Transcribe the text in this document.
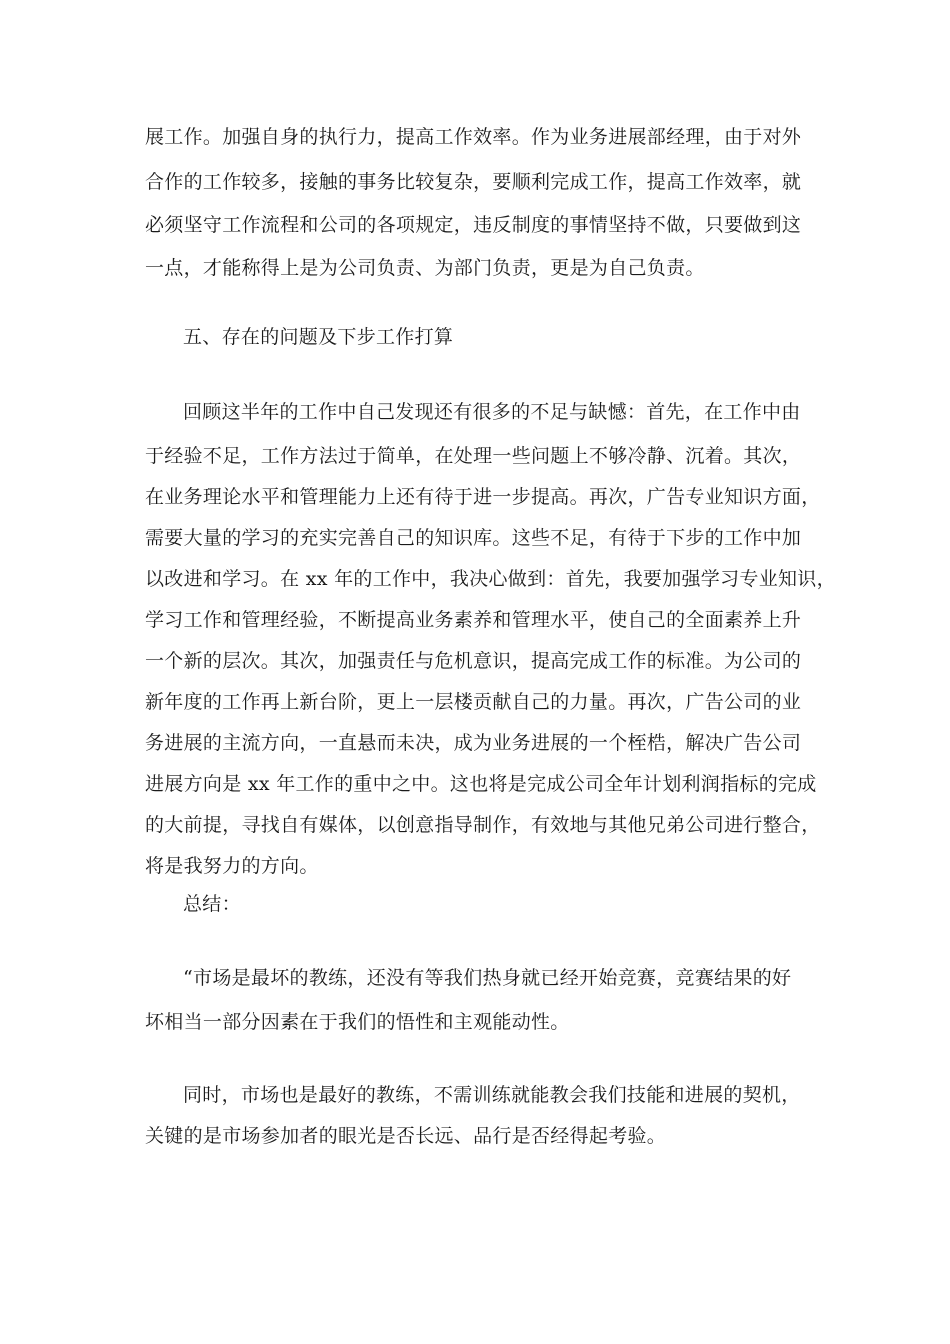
展工作。加强自身的执行力，提高工作效率。作为业务进展部经理，由于对外
合作的工作较多，接触的事务比较复杂，要顺利完成工作，提高工作效率，就
必须坚守工作流程和公司的各项规定，违反制度的事情坚持不做，只要做到这
一点，才能称得上是为公司负责、为部门负责，更是为自己负责。
五、存在的问题及下步工作打算
回顾这半年的工作中自己发现还有很多的不足与缺憾：首先，在工作中由
于经验不足，工作方法过于简单，在处理一些问题上不够冷静、沉着。其次，
在业务理论水平和管理能力上还有待于进一步提高。再次，广告专业知识方面，
需要大量的学习的充实完善自己的知识库。这些不足，有待于下步的工作中加
以改进和学习。在 xx 年的工作中，我决心做到：首先，我要加强学习专业知识，
学习工作和管理经验，不断提高业务素养和管理水平，使自己的全面素养上升
一个新的层次。其次，加强责任与危机意识，提高完成工作的标准。为公司的
新年度的工作再上新台阶，更上一层楼贡献自己的力量。再次，广告公司的业
务进展的主流方向，一直悬而未决，成为业务进展的一个桎梏，解决广告公司
进展方向是 xx 年工作的重中之中。这也将是完成公司全年计划利润指标的完成
的大前提，寻找自有媒体，以创意指导制作，有效地与其他兄弟公司进行整合，
将是我努力的方向。
总结：
“市场是最坏的教练，还没有等我们热身就已经开始竞赛，竞赛结果的好
坏相当一部分因素在于我们的悟性和主观能动性。
同时，市场也是最好的教练，不需训练就能教会我们技能和进展的契机，
关键的是市场参加者的眼光是否长远、品行是否经得起考验。
